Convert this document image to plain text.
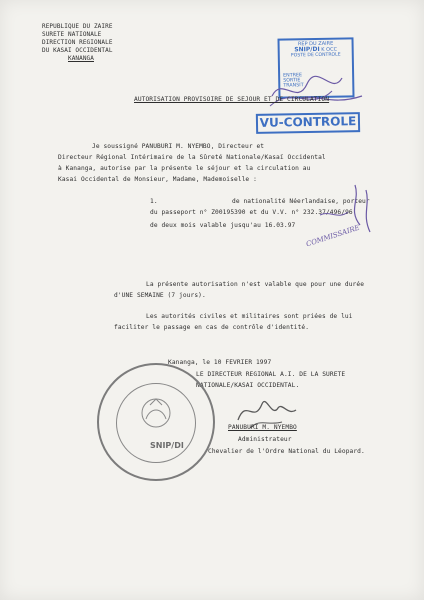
REPUBLIQUE DU ZAIRE
SURETE NATIONALE
DIRECTION REGIONALE
DU KASAI OCCIDENTAL
KANANGA
REP DU ZAIRE
SNIP/DI K OCC
POSTE DE CONTROLE
ENTREE
SORTIE
TRANSIT
AUTORISATION PROVISOIRE DE SEJOUR ET DE CIRCULATION
VU-CONTROLE
Je soussigné PANUBURI M. NYEMBO, Directeur et
Directeur Régional Intérimaire de la Sûreté Nationale/Kasaï Occidental
à Kananga, autorise par la présente le séjour et la circulation au
Kasai Occidental de Monsieur, Madame, Mademoiselle :
1.	de nationalité Néerlandaise, porteur
du passeport n° Z00195390 et du V.V. n° 232.37/496/96
de deux mois valable jusqu'au 16.03.97 COMMISSAIRE
La présente autorisation n'est valable que pour une durée
d'UNE SEMAINE (7 jours).
Les autorités civiles et militaires sont priées de lui
faciliter le passage en cas de contrôle d'identité.
Kananga, le 10 FEVRIER 1997
LE DIRECTEUR REGIONAL A.I. DE LA SURETE
NATIONALE/KASAI OCCIDENTAL.
SNIP/DI
PANUBURI M. NYEMBO
Administrateur
Chevalier de l'Ordre National du Léopard.
